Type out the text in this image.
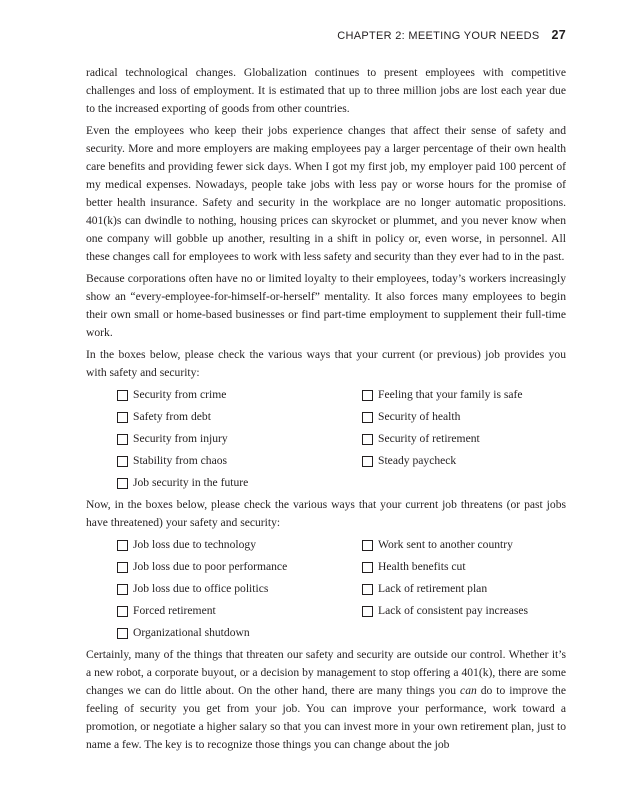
CHAPTER 2: MEETING YOUR NEEDS 27

radical technological changes. Globalization continues to present employees with competitive challenges and loss of employment. It is estimated that up to three million jobs are lost each year due to the increased exporting of goods from other countries.

Even the employees who keep their jobs experience changes that affect their sense of safety and security. More and more employers are making employees pay a larger percentage of their own health care benefits and providing fewer sick days. When I got my first job, my employer paid 100 percent of my medical expenses. Nowadays, people take jobs with less pay or worse hours for the promise of better health insurance. Safety and security in the workplace are no longer automatic propositions. 401(k)s can dwindle to nothing, housing prices can skyrocket or plummet, and you never know when one company will gobble up another, resulting in a shift in policy or, even worse, in personnel. All these changes call for employees to work with less safety and security than they ever had to in the past.

Because corporations often have no or limited loyalty to their employees, today’s workers increasingly show an “every-employee-for-himself-or-herself” mentality. It also forces many employees to begin their own small or home-based businesses or find part-time employment to supplement their full-time work.

In the boxes below, please check the various ways that your current (or previous) job provides you with safety and security:

Security from crime	Feeling that your family is safe
Safety from debt	Security of health
Security from injury	Security of retirement
Stability from chaos	Steady paycheck
Job security in the future

Now, in the boxes below, please check the various ways that your current job threatens (or past jobs have threatened) your safety and security:

Job loss due to technology	Work sent to another country
Job loss due to poor performance	Health benefits cut
Job loss due to office politics	Lack of retirement plan
Forced retirement	Lack of consistent pay increases
Organizational shutdown

Certainly, many of the things that threaten our safety and security are outside our control. Whether it’s a new robot, a corporate buyout, or a decision by management to stop offering a 401(k), there are some changes we can do little about. On the other hand, there are many things you can do to improve the feeling of security you get from your job. You can improve your performance, work toward a promotion, or negotiate a higher salary so that you can invest more in your own retirement plan, just to name a few. The key is to recognize those things you can change about the job
